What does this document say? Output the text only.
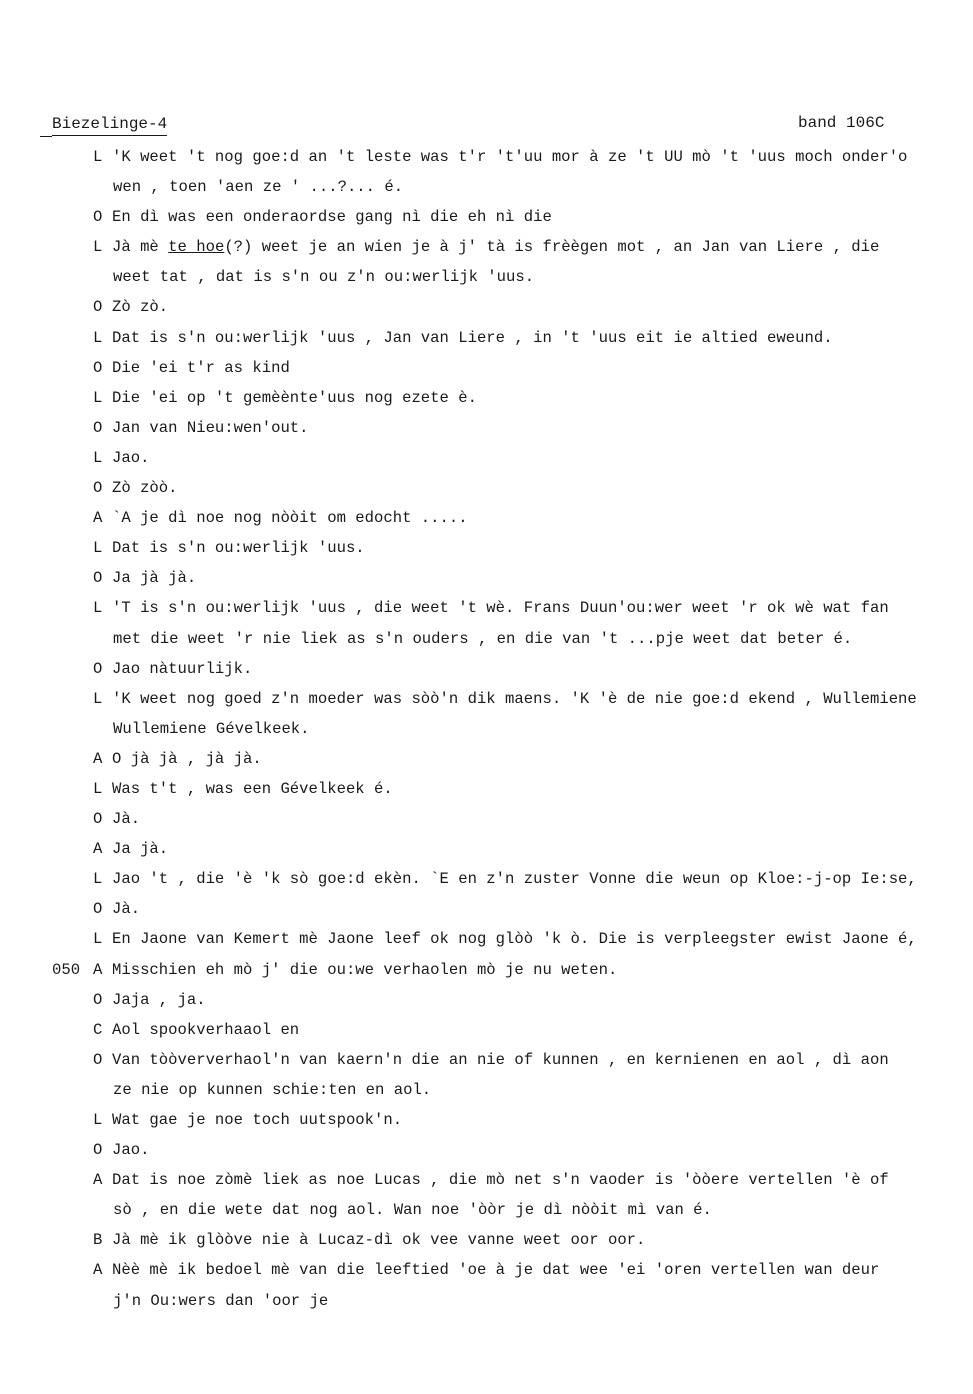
Biezelinge-4	band 106C
L 'K weet 't nog goe:d an 't leste was t'r 't'uu mor à ze 't UU mò 't 'uus moch onder'o
wen , toen 'aen ze ' ...?... é.
O En dì was een onderaordse gang nì die eh nì die
L Jà mè te hoe(?) weet je an wien je à j' tà is frèègen mot , an Jan van Liere , die
weet tat , dat is s'n ou z'n ou:werlijk 'uus.
O Zò zò.
L Dat is s'n ou:werlijk 'uus , Jan van Liere , in 't 'uus eit ie altied eweund.
O Die 'ei t'r as kind
L Die 'ei op 't gemèènte'uus nog ezete è.
O Jan van Nieu:wen'out.
L Jao.
O Zò zòò.
A `A je dì noe nog nòòit om edocht .....
L Dat is s'n ou:werlijk 'uus.
O Ja jà jà.
L 'T is s'n ou:werlijk 'uus , die weet 't wè. Frans Duun'ou:wer weet 'r ok wè wat fan
met die weet 'r nie liek as s'n ouders , en die van 't ...pje weet dat beter é.
O Jao nàtuurlijk.
L 'K weet nog goed z'n moeder was sòò'n dik maens. 'K 'è de nie goe:d ekend , Wullemiene
Wullemiene Gévelkeek.
A O jà jà , jà jà.
L Was t't , was een Gévelkeek é.
O Jà.
A Ja jà.
L Jao 't , die 'è 'k sò goe:d ekèn. `E en z'n zuster Vonne die weun op Kloe:-j-op Ie:se,
O Jà.
L En Jaone van Kemert mè Jaone leef ok nog glòò 'k ò. Die is verpleegster ewist Jaone é,
050 A Misschien eh mò j' die ou:we verhaolen mò je nu weten.
O Jaja , ja.
C Aol spookverhaaol en
O Van tòòververhaol'n van kaern'n die an nie of kunnen , en kernienen en aol , dì aon
ze nie op kunnen schie:ten en aol.
L Wat gae je noe toch uutspook'n.
O Jao.
A Dat is noe zòmè liek as noe Lucas , die mò net s'n vaoder is 'òòere vertellen 'è of
sò , en die wete dat nog aol. Wan noe 'òòr je dì nòòit mì van é.
B Jà mè ik glòòve nie à Lucaz-dì ok vee vanne weet oor oor.
A Nèè mè ik bedoel mè van die leeftied 'oe à je dat wee 'ei 'oren vertellen wan deur
j'n Ou:wers dan 'oor je
